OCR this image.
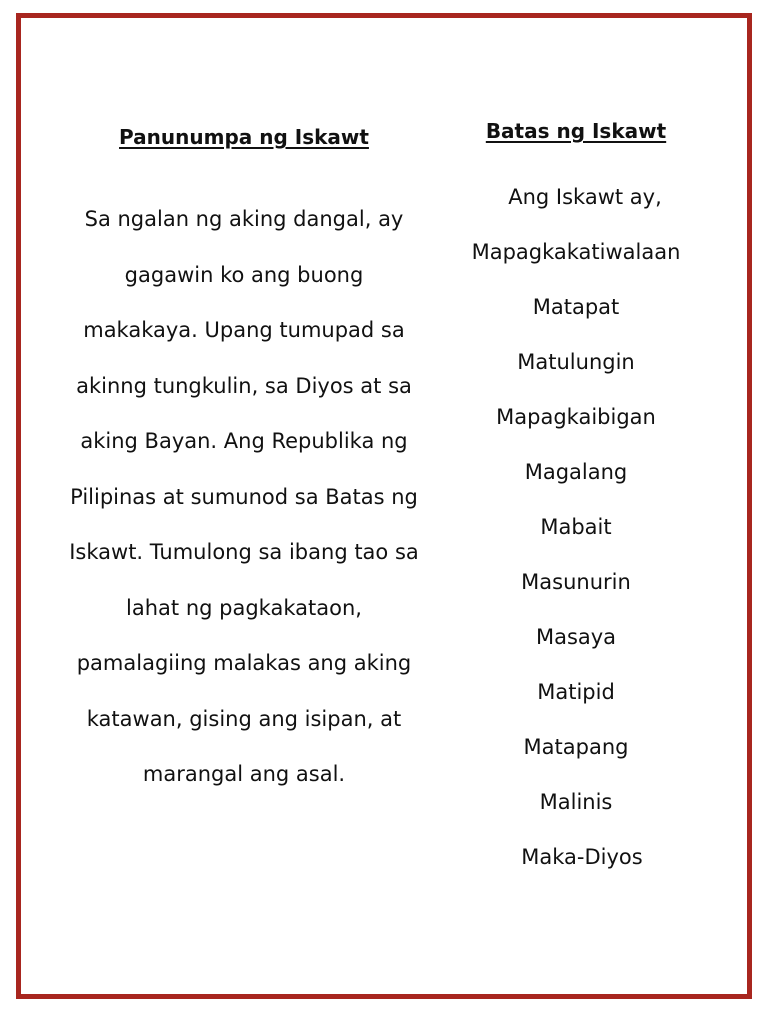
Panunumpa ng Iskawt
Sa ngalan ng aking dangal, ay
gagawin ko ang buong
makakaya. Upang tumupad sa
akinng tungkulin, sa Diyos at sa
aking Bayan. Ang Republika ng
Pilipinas at sumunod sa Batas ng
Iskawt. Tumulong sa ibang tao sa
lahat ng pagkakataon,
pamalagiing malakas ang aking
katawan, gising ang isipan, at
marangal ang asal.
Batas ng Iskawt
Ang Iskawt ay,
Mapagkakatiwalaan
Matapat
Matulungin
Mapagkaibigan
Magalang
Mabait
Masunurin
Masaya
Matipid
Matapang
Malinis
Maka-Diyos
